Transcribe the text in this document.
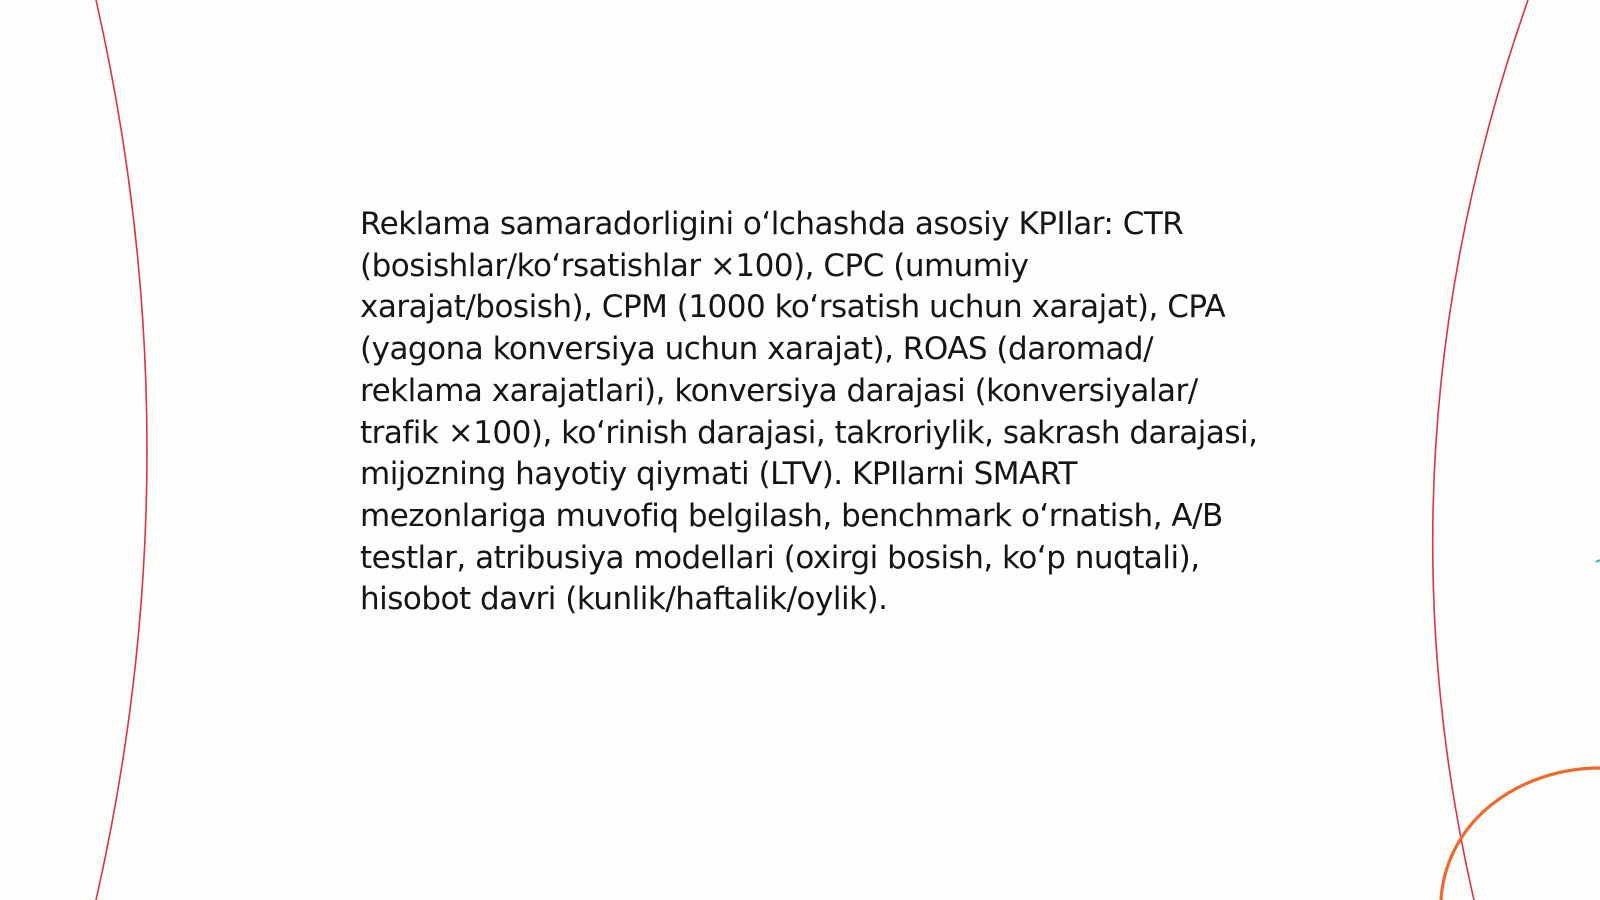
Reklama samaradorligini o‘lchashda asosiy KPIlar: CTR (bosishlar/ko‘rsatishlar ×100), CPC (umumiy xarajat/bosish), CPM (1000 ko‘rsatish uchun xarajat), CPA (yagona konversiya uchun xarajat), ROAS (daromad/ reklama xarajatlari), konversiya darajasi (konversiyalar/ trafik ×100), ko‘rinish darajasi, takroriylik, sakrash darajasi, mijozning hayotiy qiymati (LTV). KPIlarni SMART mezonlariga muvofiq belgilash, benchmark o‘rnatish, A/B testlar, atribusiya modellari (oxirgi bosish, ko‘p nuqtali), hisobot davri (kunlik/haftalik/oylik).
